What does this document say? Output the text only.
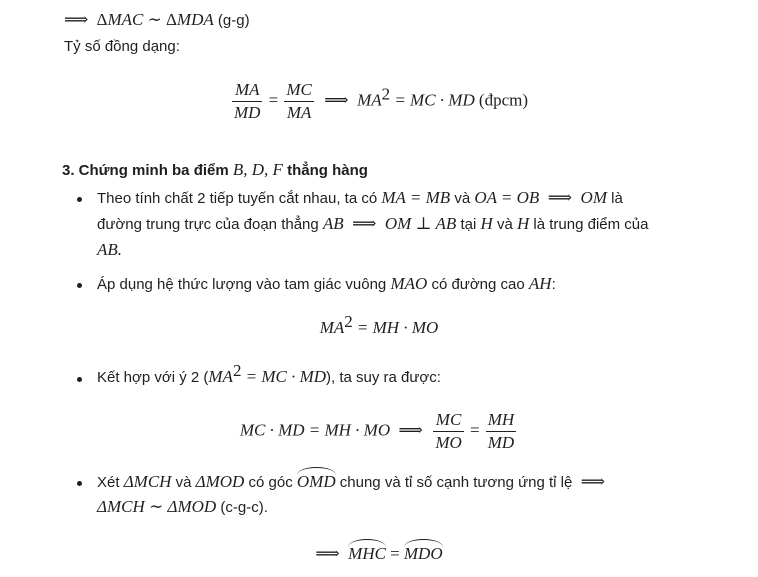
⟹ ΔMAC ∼ ΔMDA (g-g)
Tỷ số đồng dạng:
$\frac{MA}{MD} = \frac{MC}{MA}$ ⟹  $MA^2$ = MC · MD (đpcm)
3. Chứng minh ba điểm B, D, F thẳng hàng
Theo tính chất 2 tiếp tuyến cắt nhau, ta có MA = MB và OA = OB  ⟹  OM là
đường trung trực của đoạn thẳng AB  ⟹  OM ⊥ AB tại H và H là trung điểm của
AB.
Áp dụng hệ thức lượng vào tam giác vuông MAO có đường cao AH:
$MA^2$ = MH · MO
Kết hợp với ý 2 ($MA^2$ = MC · MD), ta suy ra được:
MC · MD = MH · MO  ⟹ $\frac{MC}{MO} = \frac{MH}{MD}$
Xét ΔMCH và ΔMOD có góc OMD chung và tỉ số cạnh tương ứng tỉ lệ  ⟹
ΔMCH ∼ ΔMOD (c-g-c).
⟹  MHC = MDO
